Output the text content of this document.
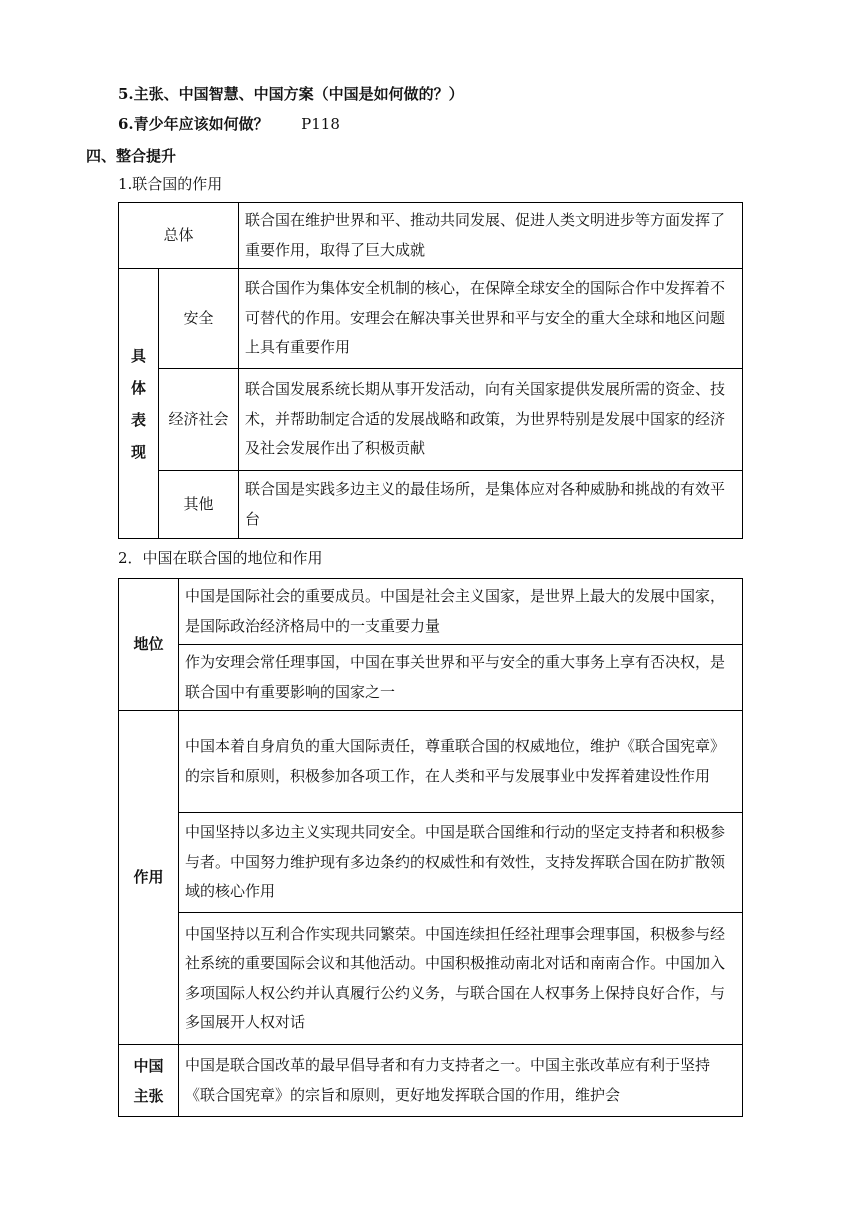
5.主张、中国智慧、中国方案（中国是如何做的？）
6.青少年应该如何做？ P118
四、整合提升
1.联合国的作用
总体		联合国在维护世界和平、推动共同发展、促进人类文明进步等方面发挥了重要作用，取得了巨大成就

具
体
表
现	安全	联合国作为集体安全机制的核心，在保障全球安全的国际合作中发挥着不可替代的作用。安理会在解决事关世界和平与安全的重大全球和地区问题上具有重要作用
	经济社会	联合国发展系统长期从事开发活动，向有关国家提供发展所需的资金、技术，并帮助制定合适的发展战略和政策，为世界特别是发展中国家的经济及社会发展作出了积极贡献
	其他	联合国是实践多边主义的最佳场所，是集体应对各种威胁和挑战的有效平台
2．中国在联合国的地位和作用
地位	中国是国际社会的重要成员。中国是社会主义国家，是世界上最大的发展中国家，是国际政治经济格局中的一支重要力量
	作为安理会常任理事国，中国在事关世界和平与安全的重大事务上享有否决权，是联合国中有重要影响的国家之一
作用	中国本着自身肩负的重大国际责任，尊重联合国的权威地位，维护《联合国宪章》的宗旨和原则，积极参加各项工作，在人类和平与发展事业中发挥着建设性作用
	中国坚持以多边主义实现共同安全。中国是联合国维和行动的坚定支持者和积极参与者。中国努力维护现有多边条约的权威性和有效性，支持发挥联合国在防扩散领域的核心作用
	中国坚持以互利合作实现共同繁荣。中国连续担任经社理事会理事国，积极参与经社系统的重要国际会议和其他活动。中国积极推动南北对话和南南合作。中国加入多项国际人权公约并认真履行公约义务，与联合国在人权事务上保持良好合作，与多国展开人权对话

中国
主张	中国是联合国改革的最早倡导者和有力支持者之一。中国主张改革应有利于坚持《联合国宪章》的宗旨和原则，更好地发挥联合国的作用，维护会
